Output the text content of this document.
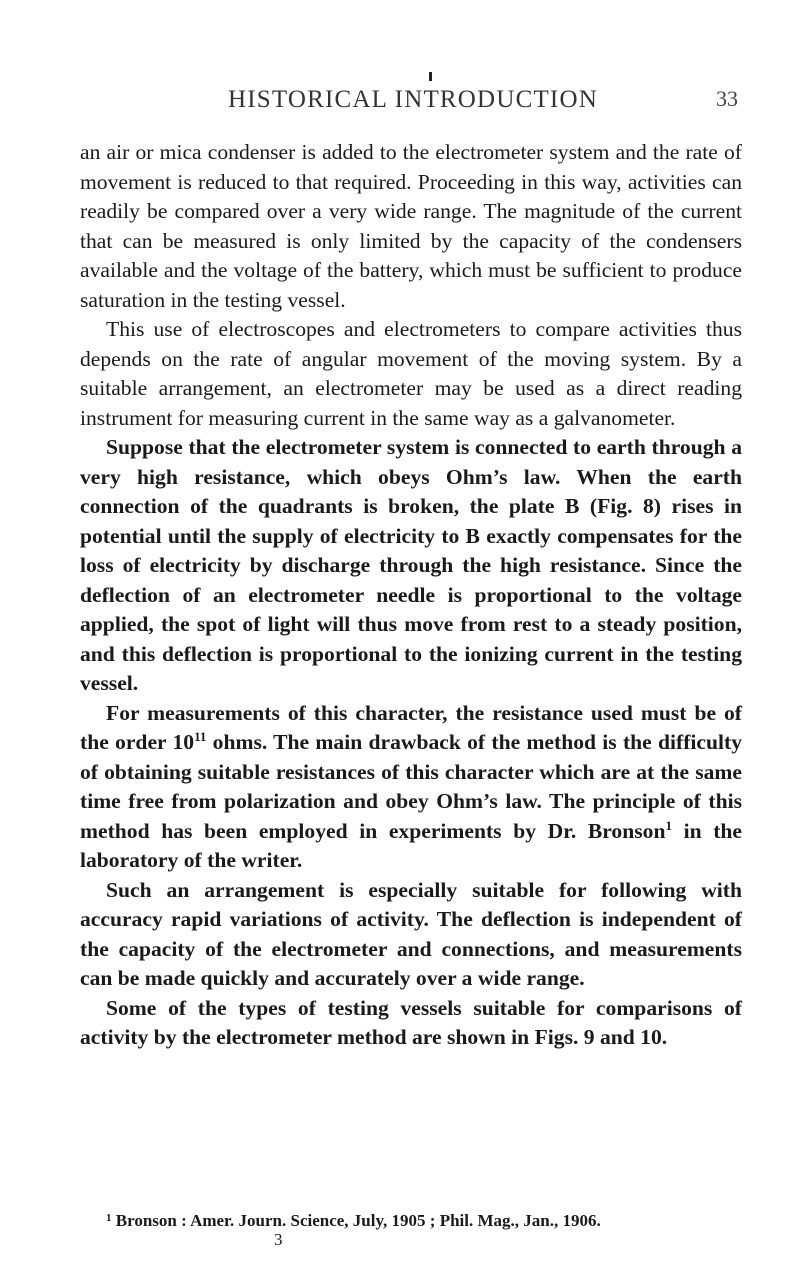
HISTORICAL INTRODUCTION	33

an air or mica condenser is added to the electrometer system and the rate of movement is reduced to that required. Proceeding in this way, activities can readily be compared over a very wide range. The magnitude of the current that can be measured is only limited by the capacity of the condensers available and the voltage of the battery, which must be sufficient to produce saturation in the testing vessel.

This use of electroscopes and electrometers to compare activities thus depends on the rate of angular movement of the moving system. By a suitable arrangement, an electrometer may be used as a direct reading instrument for measuring current in the same way as a galvanometer.

Suppose that the electrometer system is connected to earth through a very high resistance, which obeys Ohm’s law. When the earth connection of the quadrants is broken, the plate B (Fig. 8) rises in potential until the supply of electricity to B exactly compensates for the loss of electricity by discharge through the high resistance. Since the deflection of an electrometer needle is proportional to the voltage applied, the spot of light will thus move from rest to a steady position, and this deflection is proportional to the ionizing current in the testing vessel.

For measurements of this character, the resistance used must be of the order $10^{11}$ ohms. The main drawback of the method is the difficulty of obtaining suitable resistances of this character which are at the same time free from polarization and obey Ohm’s law. The principle of this method has been employed in experiments by Dr. Bronson$^1$ in the laboratory of the writer.

Such an arrangement is especially suitable for following with accuracy rapid variations of activity. The deflection is independent of the capacity of the electrometer and connections, and measurements can be made quickly and accurately over a wide range.

Some of the types of testing vessels suitable for comparisons of activity by the electrometer method are shown in Figs. 9 and 10.

$^1$ Bronson : Amer. Journ. Science, July, 1905 ; Phil. Mag., Jan., 1906.
3
